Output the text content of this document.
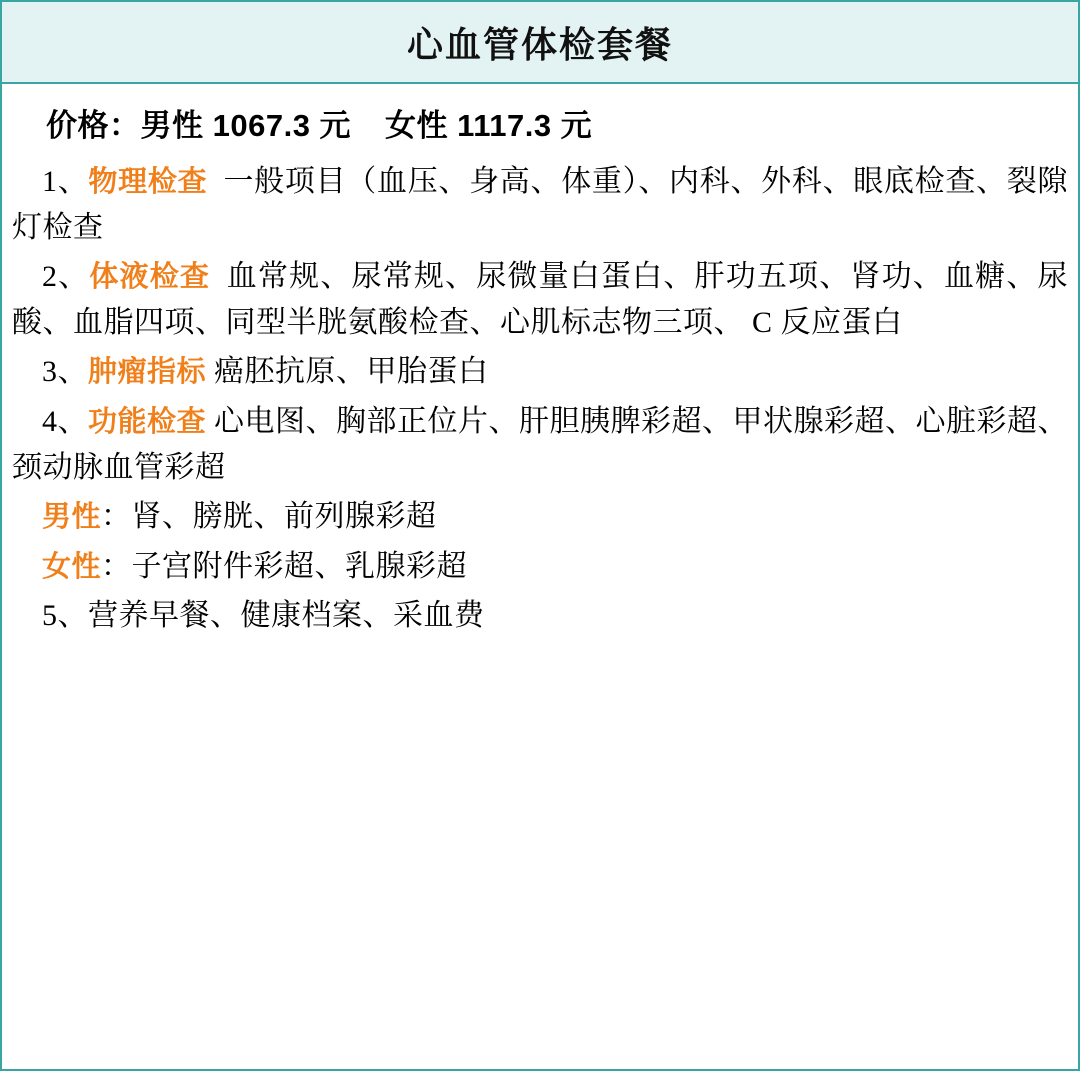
心血管体检套餐
价格：男性 1067.3 元 女性 1117.3 元
1、物理检查 一般项目（血压、身高、体重）、内科、外科、眼底检查、裂隙灯检查
2、体液检查 血常规、尿常规、尿微量白蛋白、肝功五项、肾功、血糖、尿酸、血脂四项、同型半胱氨酸检查、心肌标志物三项、 C 反应蛋白
3、肿瘤指标 癌胚抗原、甲胎蛋白
4、功能检查 心电图、胸部正位片、肝胆胰脾彩超、甲状腺彩超、心脏彩超、颈动脉血管彩超
男性：肾、膀胱、前列腺彩超
女性：子宫附件彩超、乳腺彩超
5、营养早餐、健康档案、采血费
